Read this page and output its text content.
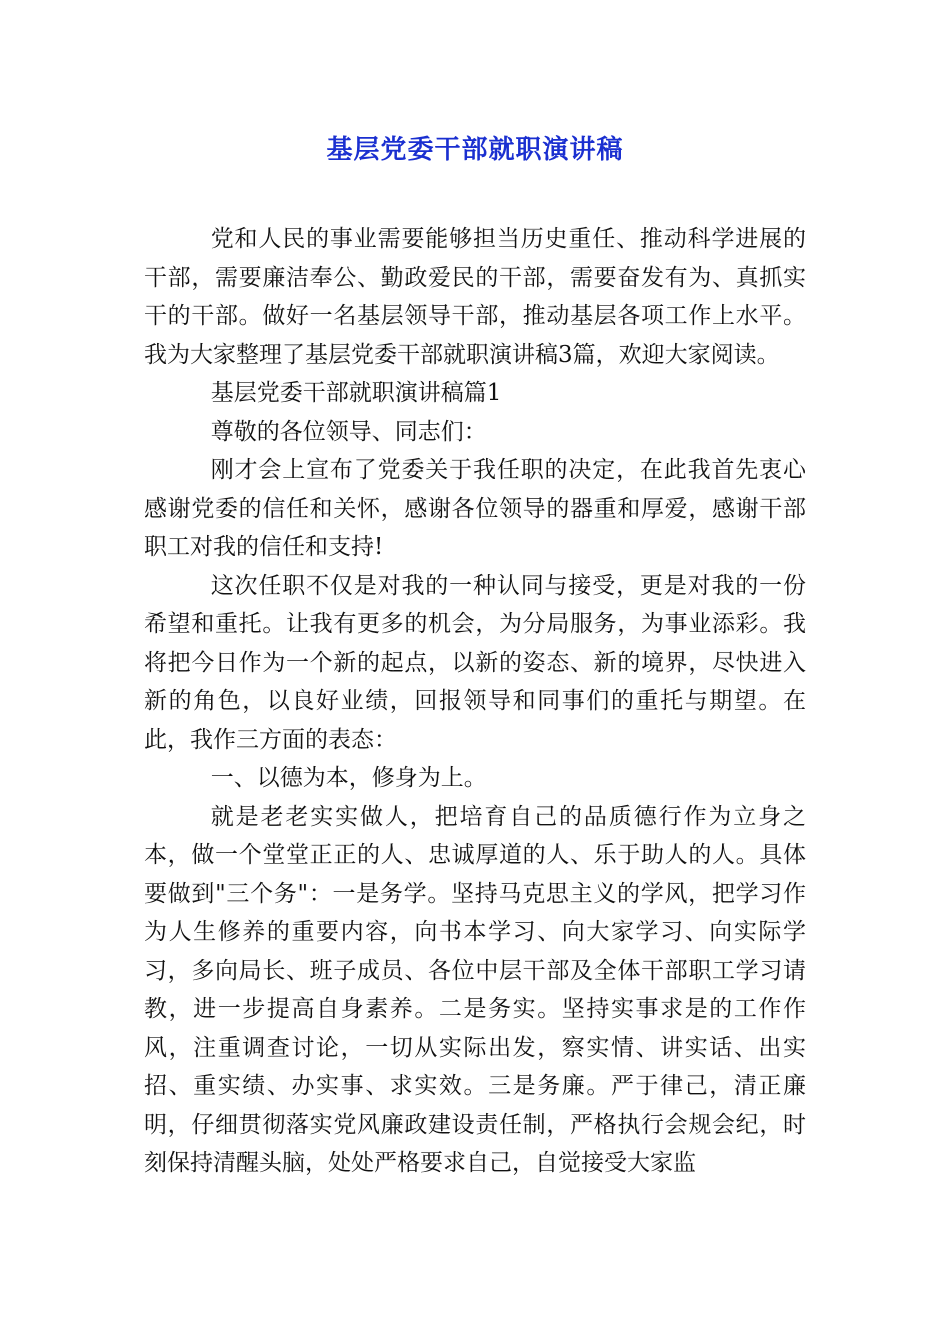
基层党委干部就职演讲稿

党和人民的事业需要能够担当历史重任、推动科学进展的干部，需要廉洁奉公、勤政爱民的干部，需要奋发有为、真抓实干的干部。做好一名基层领导干部，推动基层各项工作上水平。我为大家整理了基层党委干部就职演讲稿3篇，欢迎大家阅读。

基层党委干部就职演讲稿篇1

尊敬的各位领导、同志们：

刚才会上宣布了党委关于我任职的决定，在此我首先衷心感谢党委的信任和关怀，感谢各位领导的器重和厚爱，感谢干部职工对我的信任和支持!

这次任职不仅是对我的一种认同与接受，更是对我的一份希望和重托。让我有更多的机会，为分局服务，为事业添彩。我将把今日作为一个新的起点，以新的姿态、新的境界，尽快进入新的角色，以良好业绩，回报领导和同事们的重托与期望。在此，我作三方面的表态：

一、以德为本，修身为上。

就是老老实实做人，把培育自己的品质德行作为立身之本，做一个堂堂正正的人、忠诚厚道的人、乐于助人的人。具体要做到"三个务"：一是务学。坚持马克思主义的学风，把学习作为人生修养的重要内容，向书本学习、向大家学习、向实际学习，多向局长、班子成员、各位中层干部及全体干部职工学习请教，进一步提高自身素养。二是务实。坚持实事求是的工作作风，注重调查讨论，一切从实际出发，察实情、讲实话、出实招、重实绩、办实事、求实效。三是务廉。严于律己，清正廉明，仔细贯彻落实党风廉政建设责任制，严格执行会规会纪，时刻保持清醒头脑，处处严格要求自己，自觉接受大家监
